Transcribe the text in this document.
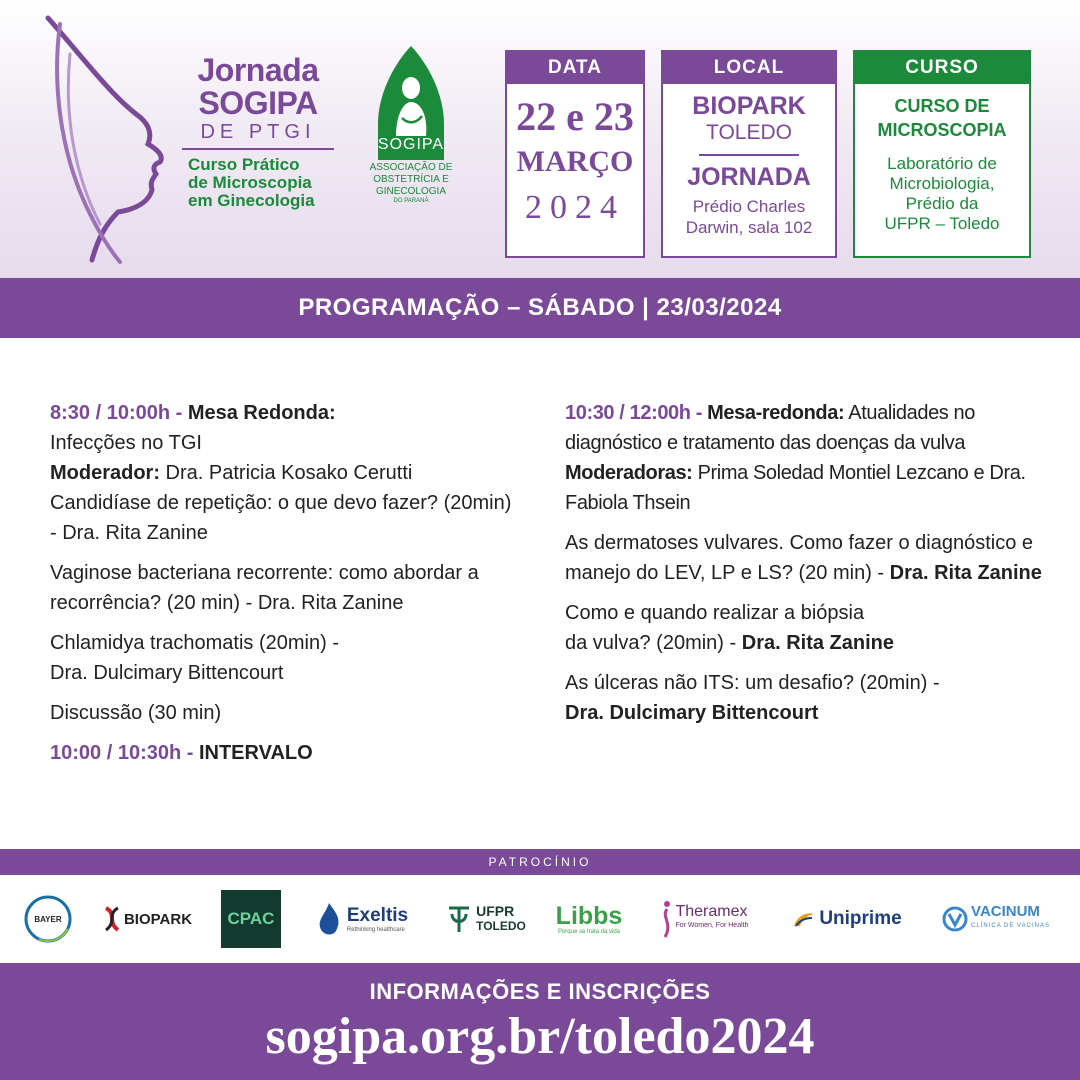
Jornada
SOGIPA
DE PTGI
Curso Prático
de Microscopia
em Ginecologia
SOGIPA
ASSOCIAÇÃO DE
OBSTETRÍCIA E
GINECOLOGIA
DO PARANÁ
DATA
22 e 23
MARÇO
2024
LOCAL
BIOPARK
TOLEDO
JORNADA
Prédio Charles
Darwin, sala 102
CURSO
CURSO DE
MICROSCOPIA
Laboratório de
Microbiologia,
Prédio da
UFPR – Toledo
PROGRAMAÇÃO – SÁBADO | 23/03/2024
8:30 / 10:00h - Mesa Redonda:
Infecções no TGI
Moderador: Dra. Patricia Kosako Cerutti
Candidíase de repetição: o que devo fazer? (20min) - Dra. Rita Zanine
Vaginose bacteriana recorrente: como abordar a recorrência? (20 min) - Dra. Rita Zanine
Chlamidya trachomatis (20min) -
Dra. Dulcimary Bittencourt
Discussão (30 min)
10:00 / 10:30h - INTERVALO
10:30 / 12:00h - Mesa-redonda: Atualidades no diagnóstico e tratamento das doenças da vulva
Moderadoras: Prima Soledad Montiel Lezcano e Dra. Fabiola Thsein
As dermatoses vulvares. Como fazer o diagnóstico e manejo do LEV, LP e LS? (20 min) - Dra. Rita Zanine
Como e quando realizar a biópsia
da vulva? (20min) - Dra. Rita Zanine
As úlceras não ITS: um desafio? (20min) -
Dra. Dulcimary Bittencourt
PATROCÍNIO
BAYER	BIOPARK	CPAC	Exeltis
Rethinking healthcare
UFPR
TOLEDO Libbs
Porque se trata da vida
Theramex
For Women, For Health	Uniprime	VACINUM
CLÍNICA DE VACINAS
INFORMAÇÕES E INSCRIÇÕES
sogipa.org.br/toledo2024
